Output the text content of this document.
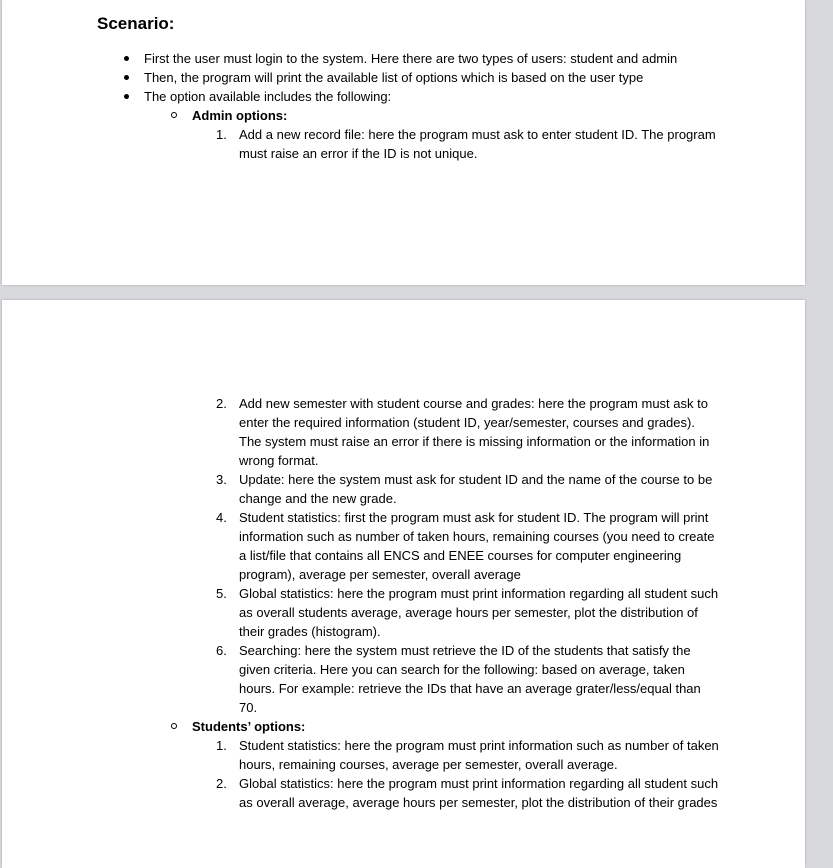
Scenario:
First the user must login to the system. Here there are two types of users: student and admin
Then, the program will print the available list of options which is based on the user type
The option available includes the following:
Admin options:
1. Add a new record file: here the program must ask to enter student ID. The program must raise an error if the ID is not unique.
2. Add new semester with student course and grades: here the program must ask to enter the required information (student ID, year/semester, courses and grades). The system must raise an error if there is missing information or the information in wrong format.
3. Update: here the system must ask for student ID and the name of the course to be change and the new grade.
4. Student statistics: first the program must ask for student ID. The program will print information such as number of taken hours, remaining courses (you need to create a list/file that contains all ENCS and ENEE courses for computer engineering program), average per semester, overall average
5. Global statistics: here the program must print information regarding all student such as overall students average, average hours per semester, plot the distribution of their grades (histogram).
6. Searching: here the system must retrieve the ID of the students that satisfy the given criteria. Here you can search for the following: based on average, taken hours. For example: retrieve the IDs that have an average grater/less/equal than 70.
Students’ options:
1. Student statistics: here the program must print information such as number of taken hours, remaining courses, average per semester, overall average.
2. Global statistics: here the program must print information regarding all student such as overall average, average hours per semester, plot the distribution of their grades
